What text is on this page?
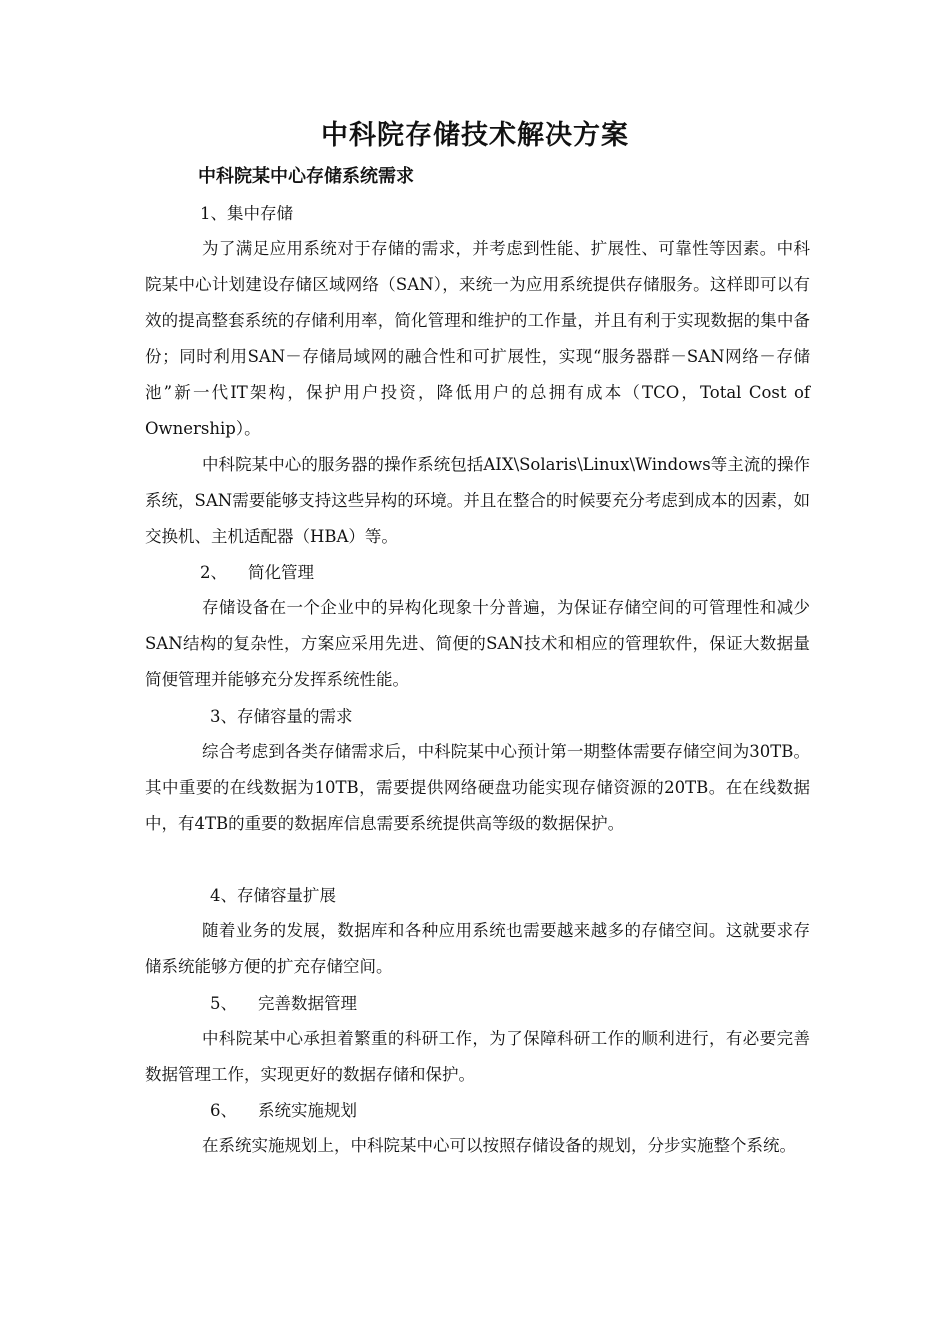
中科院存储技术解决方案
中科院某中心存储系统需求
1、集中存储

为了满足应用系统对于存储的需求，并考虑到性能、扩展性、可靠性等因素。中科院某中心计划建设存储区域网络（SAN），来统一为应用系统提供存储服务。这样即可以有效的提高整套系统的存储利用率，简化管理和维护的工作量，并且有利于实现数据的集中备份；同时利用SAN－存储局域网的融合性和可扩展性，实现“服务器群－SAN网络－存储池”新一代IT架构，保护用户投资，降低用户的总拥有成本（TCO，Total Cost of Ownership）。

中科院某中心的服务器的操作系统包括AIX\Solaris\Linux\Windows等主流的操作系统，SAN需要能够支持这些异构的环境。并且在整合的时候要充分考虑到成本的因素，如交换机、主机适配器（HBA）等。

2、    简化管理

存储设备在一个企业中的异构化现象十分普遍，为保证存储空间的可管理性和减少SAN结构的复杂性，方案应采用先进、简便的SAN技术和相应的管理软件，保证大数据量简便管理并能够充分发挥系统性能。

3、存储容量的需求

综合考虑到各类存储需求后，中科院某中心预计第一期整体需要存储空间为30TB。其中重要的在线数据为10TB，需要提供网络硬盘功能实现存储资源的20TB。在在线数据中，有4TB的重要的数据库信息需要系统提供高等级的数据保护。

4、存储容量扩展

随着业务的发展，数据库和各种应用系统也需要越来越多的存储空间。这就要求存储系统能够方便的扩充存储空间。

5、    完善数据管理

中科院某中心承担着繁重的科研工作，为了保障科研工作的顺利进行，有必要完善数据管理工作，实现更好的数据存储和保护。

6、    系统实施规划

在系统实施规划上，中科院某中心可以按照存储设备的规划，分步实施整个系统。
